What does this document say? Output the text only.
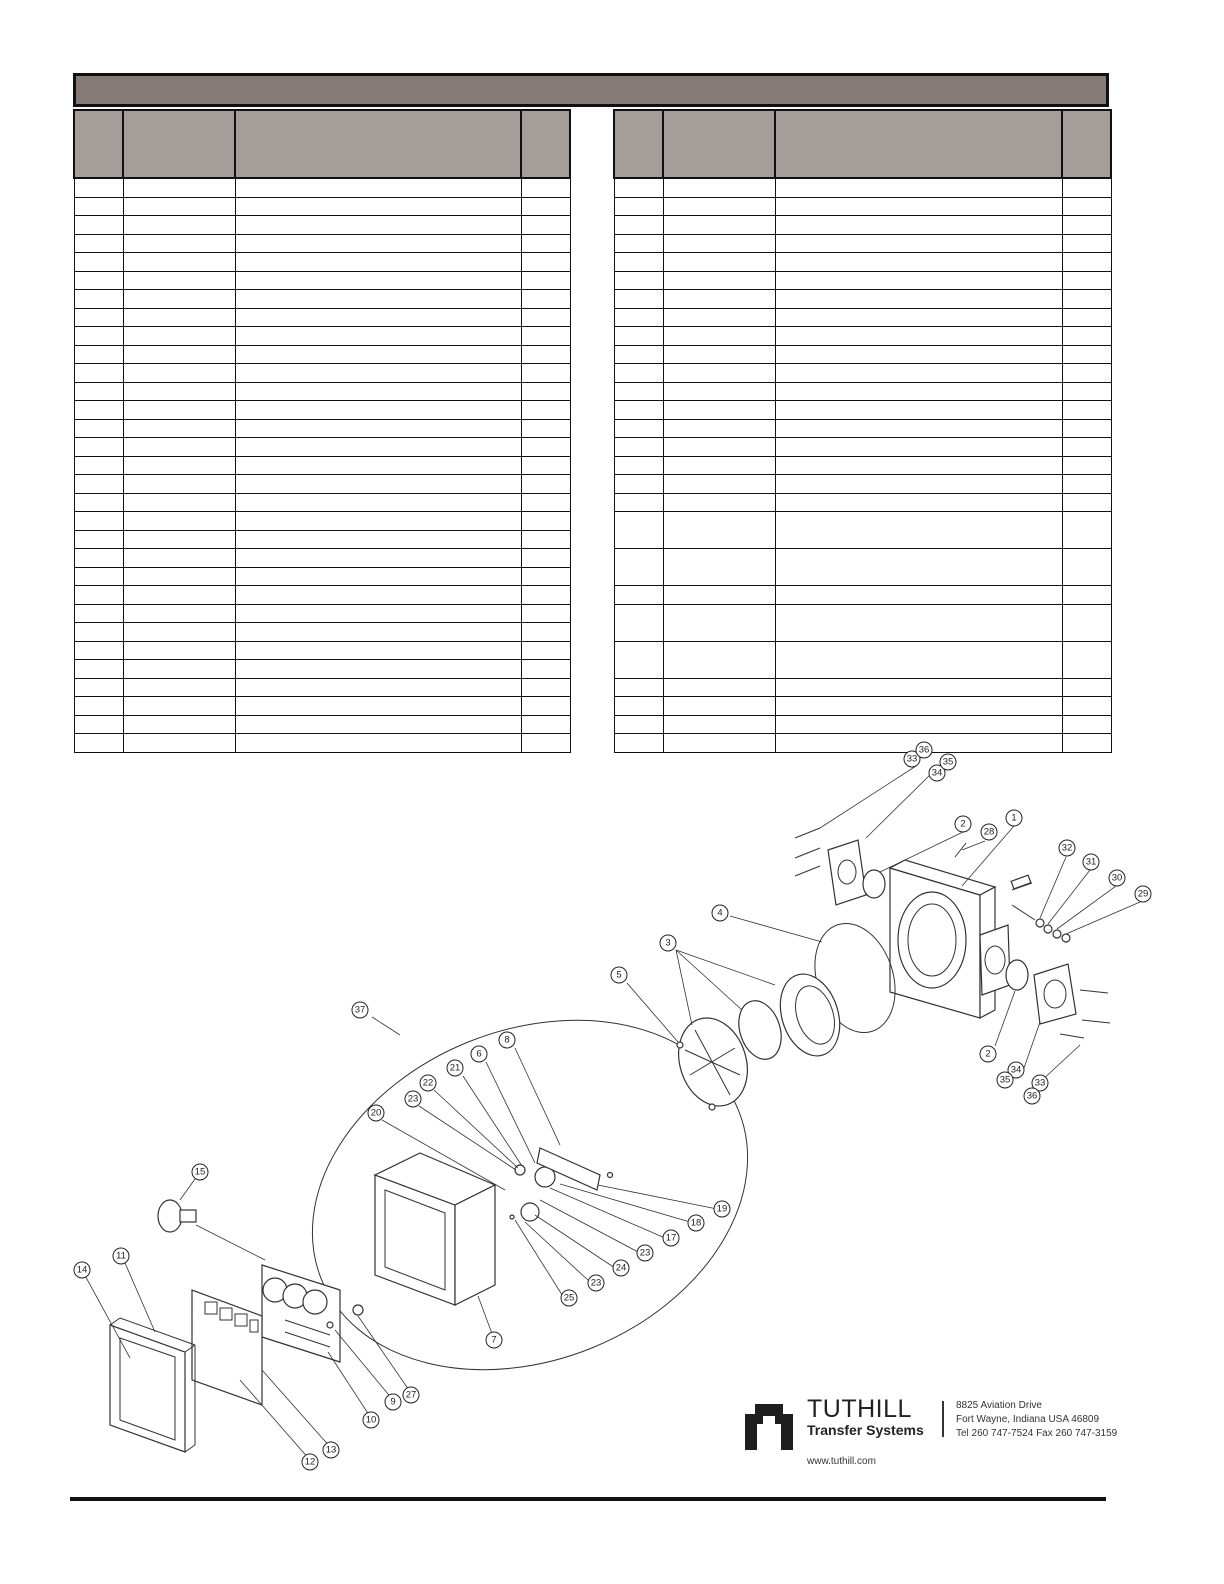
1
2
2
3
4
5
6
7
8
9
10
11
12
13
14
15
17
18
19
20
21
22
23
23
23
24
25
27
28
29
30
31
32
33
33
34
34
35
35
36
36
37
TUTHILL
Transfer Systems
8825 Aviation Drive
Fort Wayne, Indiana USA 46809
Tel 260 747-7524 Fax 260 747-3159
www.tuthill.com
